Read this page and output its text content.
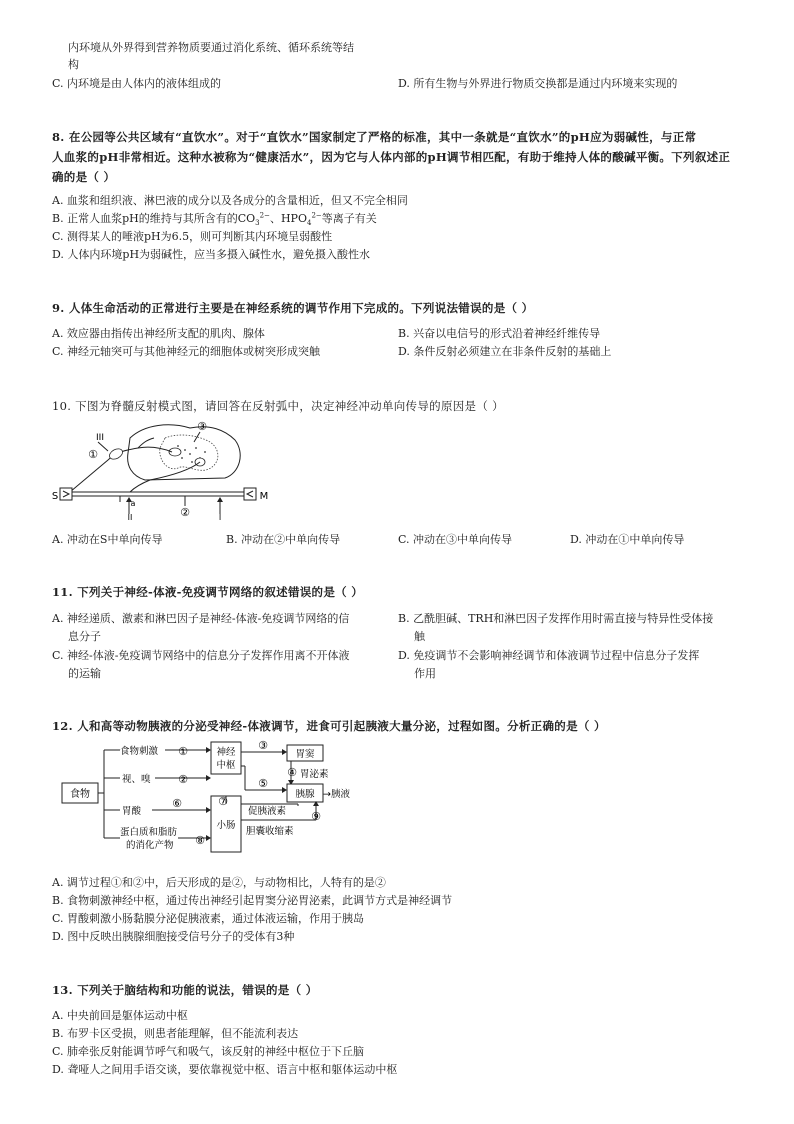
内环境从外界得到营养物质要通过消化系统、循环系统等结
构
C. 内环境是由人体内的液体组成的	D. 所有生物与外界进行物质交换都是通过内环境来实现的
8. 在公园等公共区域有“直饮水”。对于“直饮水”国家制定了严格的标准，其中一条就是“直饮水”的pH应为弱碱性，与正常
人血浆的pH非常相近。这种水被称为“健康活水”，因为它与人体内部的pH调节相匹配，有助于维持人体的酸碱平衡。下列叙述正
确的是（ ）
A. 血浆和组织液、淋巴液的成分以及各成分的含量相近，但又不完全相同
B. 正常人血浆pH的维持与其所含有的$CO_3^{2-}$、$HPO_4^{2-}$等离子有关
C. 测得某人的唾液pH为6.5，则可判断其内环境呈弱酸性
D. 人体内环境pH为弱碱性，应当多摄入碱性水，避免摄入酸性水
9. 人体生命活动的正常进行主要是在神经系统的调节作用下完成的。下列说法错误的是（ ）
A. 效应器由指传出神经所支配的肌肉、腺体	B. 兴奋以电信号的形式沿着神经纤维传导
C. 神经元轴突可与其他神经元的细胞体或树突形成突触	D. 条件反射必须建立在非条件反射的基础上
10. 下图为脊髓反射模式图，请回答在反射弧中，决定神经冲动单向传导的原因是（ ）
III
①
③
S	M
a
II	②	I
A. 冲动在S中单向传导	B. 冲动在②中单向传导	C. 冲动在③中单向传导	D. 冲动在①中单向传导
11. 下列关于神经-体液-免疫调节网络的叙述错误的是（ ）
A. 神经递质、激素和淋巴因子是神经-体液-免疫调节网络的信
息分子
B. 乙酰胆碱、TRH和淋巴因子发挥作用时需直接与特异性受体接
触
C. 神经-体液-免疫调节网络中的信息分子发挥作用离不开体液
的运输
D. 免疫调节不会影响神经调节和体液调节过程中信息分子发挥
作用
12. 人和高等动物胰液的分泌受神经-体液调节，进食可引起胰液大量分泌，过程如图。分析正确的是（ ）
食物
食物刺激
视、嗅
胃酸
蛋白质和脂肪
的消化产物
①
②
神经
中枢
③
胃窦
④ 胃泌素
⑤
胰腺 →胰液
⑥
⑧
小肠
⑦
促胰液素 ⑨
胆囊收缩素
A. 调节过程①和②中，后天形成的是②，与动物相比，人特有的是②
B. 食物刺激神经中枢，通过传出神经引起胃窦分泌胃泌素，此调节方式是神经调节
C. 胃酸刺激小肠黏膜分泌促胰液素，通过体液运输，作用于胰岛
D. 图中反映出胰腺细胞接受信号分子的受体有3种
13. 下列关于脑结构和功能的说法，错误的是（ ）
A. 中央前回是躯体运动中枢
B. 布罗卡区受损，则患者能理解，但不能流利表达
C. 肺牵张反射能调节呼气和吸气，该反射的神经中枢位于下丘脑
D. 聋哑人之间用手语交谈，要依靠视觉中枢、语言中枢和躯体运动中枢
